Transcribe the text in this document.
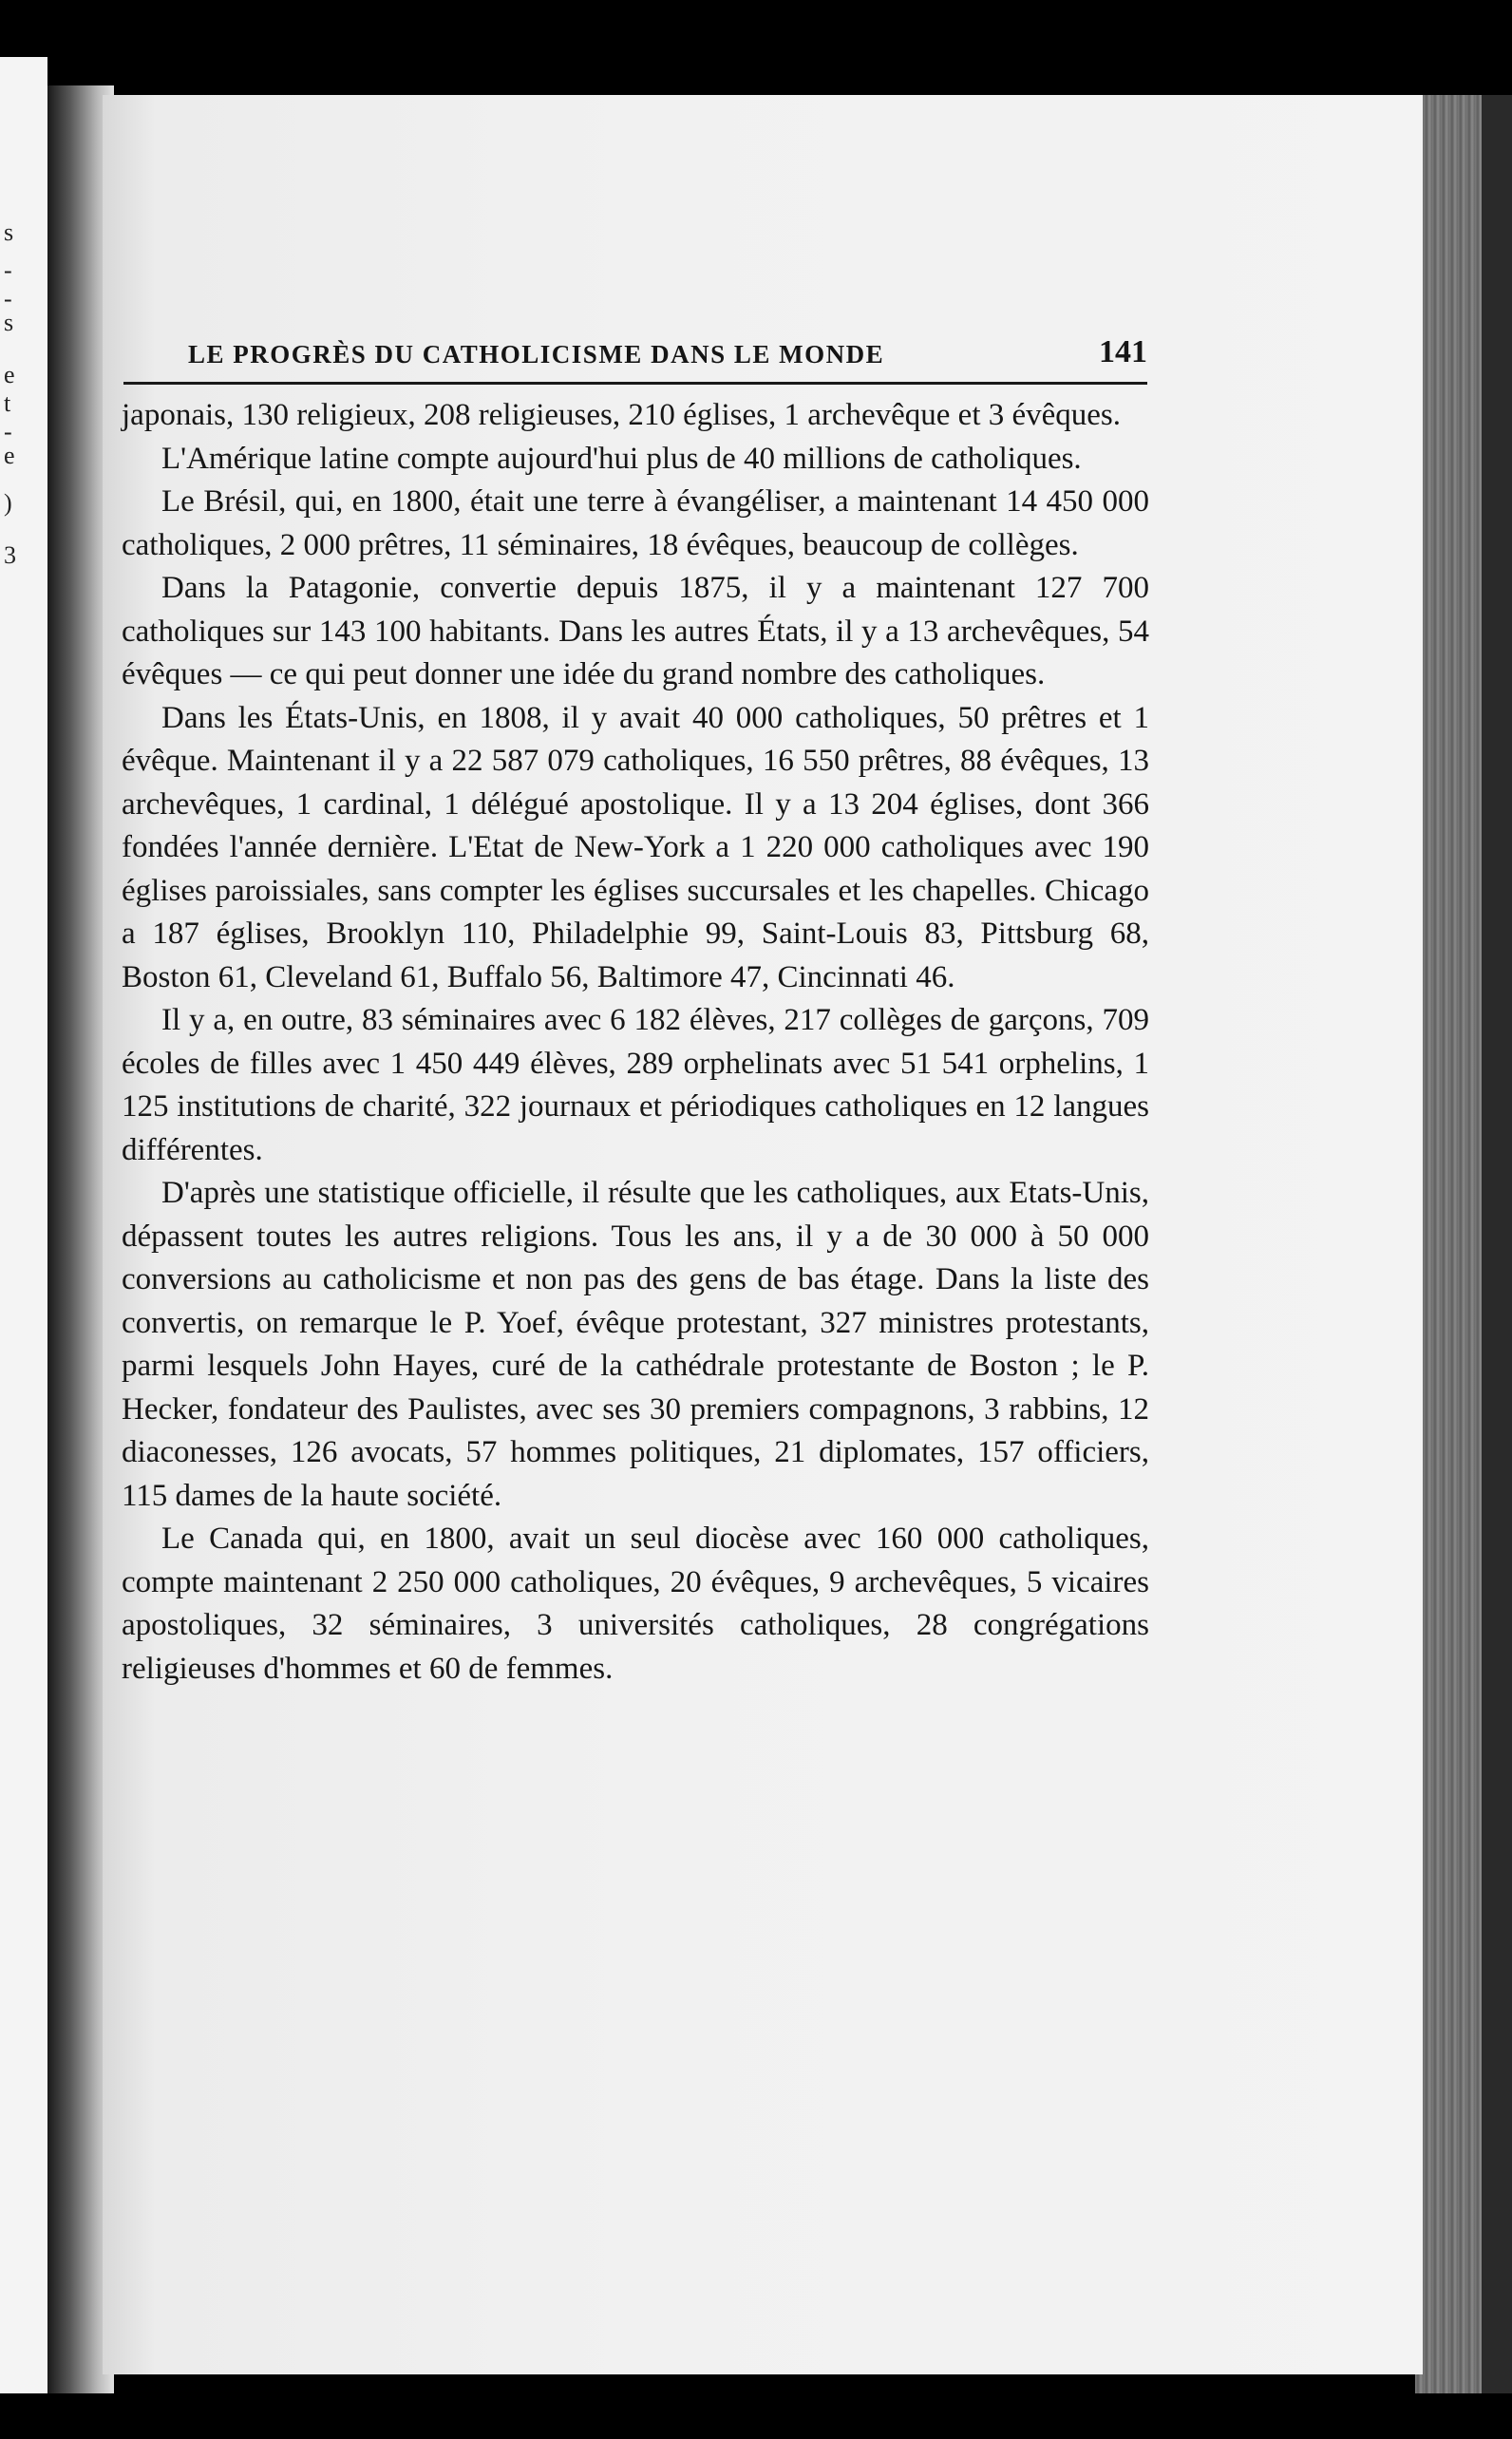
s
-
-
s
e
t
-
e
)
3
LE PROGRÈS DU CATHOLICISME DANS LE MONDE	141

japonais, 130 religieux, 208 religieuses, 210 églises, 1 archevêque et 3 évêques.

L'Amérique latine compte aujourd'hui plus de 40 millions de catholiques.

Le Brésil, qui, en 1800, était une terre à évangéliser, a maintenant 14 450 000 catholiques, 2 000 prêtres, 11 séminaires, 18 évêques, beaucoup de collèges.

Dans la Patagonie, convertie depuis 1875, il y a maintenant 127 700 catholiques sur 143 100 habitants. Dans les autres États, il y a 13 archevêques, 54 évêques — ce qui peut donner une idée du grand nombre des catholiques.

Dans les États-Unis, en 1808, il y avait 40 000 catholiques, 50 prêtres et 1 évêque. Maintenant il y a 22 587 079 catholiques, 16 550 prêtres, 88 évêques, 13 archevêques, 1 cardinal, 1 délégué apostolique. Il y a 13 204 églises, dont 366 fondées l'année dernière. L'Etat de New-York a 1 220 000 catholiques avec 190 églises paroissiales, sans compter les églises succursales et les chapelles. Chicago a 187 églises, Brooklyn 110, Philadelphie 99, Saint-Louis 83, Pittsburg 68, Boston 61, Cleveland 61, Buffalo 56, Baltimore 47, Cincinnati 46.

Il y a, en outre, 83 séminaires avec 6 182 élèves, 217 collèges de garçons, 709 écoles de filles avec 1 450 449 élèves, 289 orphelinats avec 51 541 orphelins, 1 125 institutions de charité, 322 journaux et périodiques catholiques en 12 langues différentes.

D'après une statistique officielle, il résulte que les catholiques, aux Etats-Unis, dépassent toutes les autres religions. Tous les ans, il y a de 30 000 à 50 000 conversions au catholicisme et non pas des gens de bas étage. Dans la liste des convertis, on remarque le P. Yoef, évêque protestant, 327 ministres protestants, parmi lesquels John Hayes, curé de la cathédrale protestante de Boston ; le P. Hecker, fondateur des Paulistes, avec ses 30 premiers compagnons, 3 rabbins, 12 diaconesses, 126 avocats, 57 hommes politiques, 21 diplomates, 157 officiers, 115 dames de la haute société.

Le Canada qui, en 1800, avait un seul diocèse avec 160 000 catholiques, compte maintenant 2 250 000 catholiques, 20 évêques, 9 archevêques, 5 vicaires apostoliques, 32 séminaires, 3 universités catholiques, 28 congrégations religieuses d'hommes et 60 de femmes.
